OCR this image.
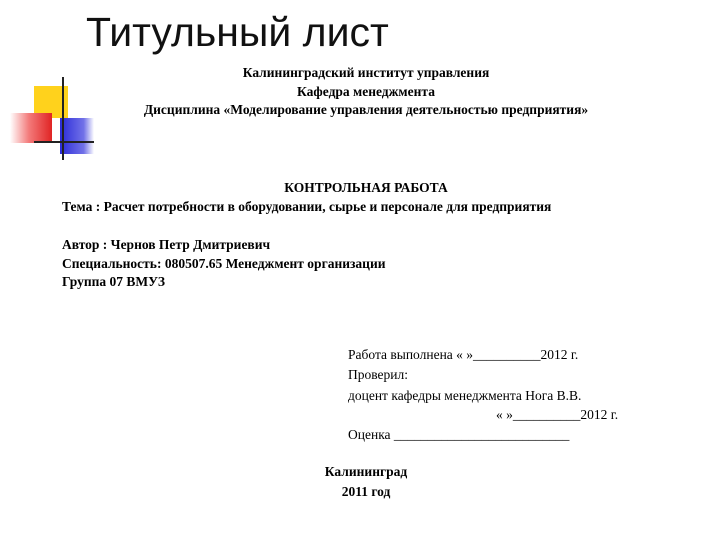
Титульный лист
Калининградский институт управления
Кафедра менеджмента
Дисциплина «Моделирование управления деятельностью предприятия»
КОНТРОЛЬНАЯ РАБОТА
Тема : Расчет потребности в оборудовании, сырье и персонале для предприятия
Автор : Чернов Петр Дмитриевич
Специальность: 080507.65 Менеджмент организации
Группа 07 ВМУЗ
Работа выполнена « »__________2012 г.
Проверил:
доцент кафедры менеджмента Нога В.В.
« »__________2012 г.
Оценка __________________________
Калининград
2011 год
